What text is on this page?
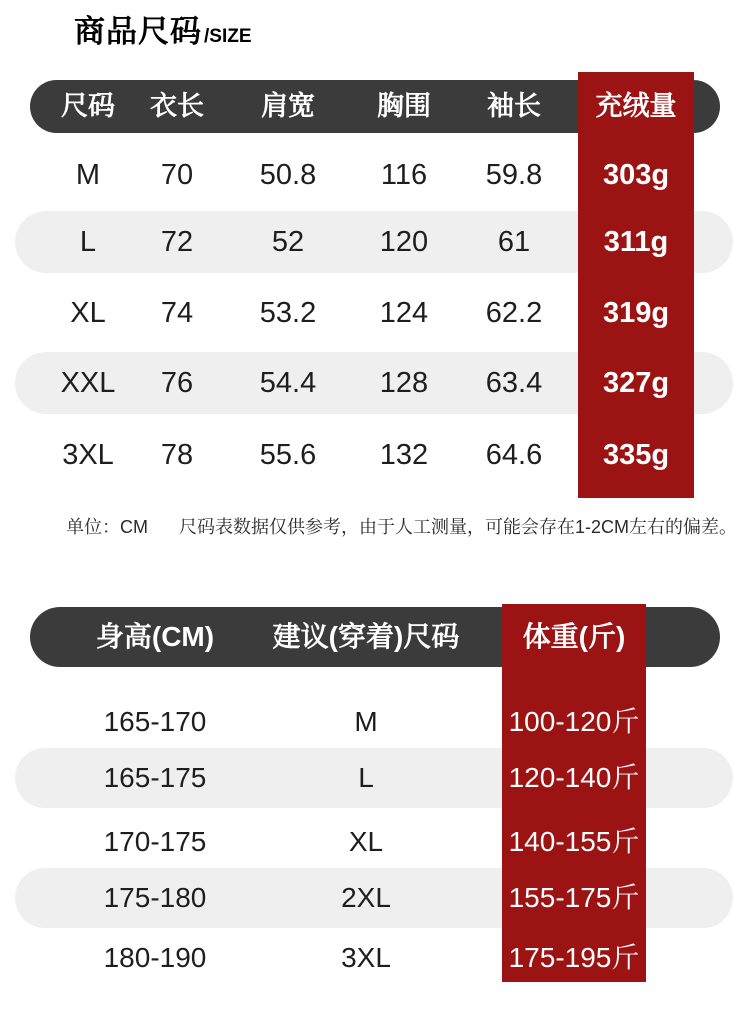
商品尺码 /SIZE
尺码	衣长	肩宽	胸围	袖长	充绒量
M	70	50.8	116	59.8	303g
L	72	52	120	61	311g
XL	74	53.2	124	62.2	319g
XXL	76	54.4	128	63.4	327g
3XL	78	55.6	132	64.6	335g
单位：CM 尺码表数据仅供参考，由于人工测量，可能会存在1-2CM左右的偏差。
身高(CM) 建议(穿着)尺码	体重(斤)
165-170	M	100-120斤
165-175	L	120-140斤
170-175	XL	140-155斤
175-180	2XL	155-175斤
180-190	3XL	175-195斤
